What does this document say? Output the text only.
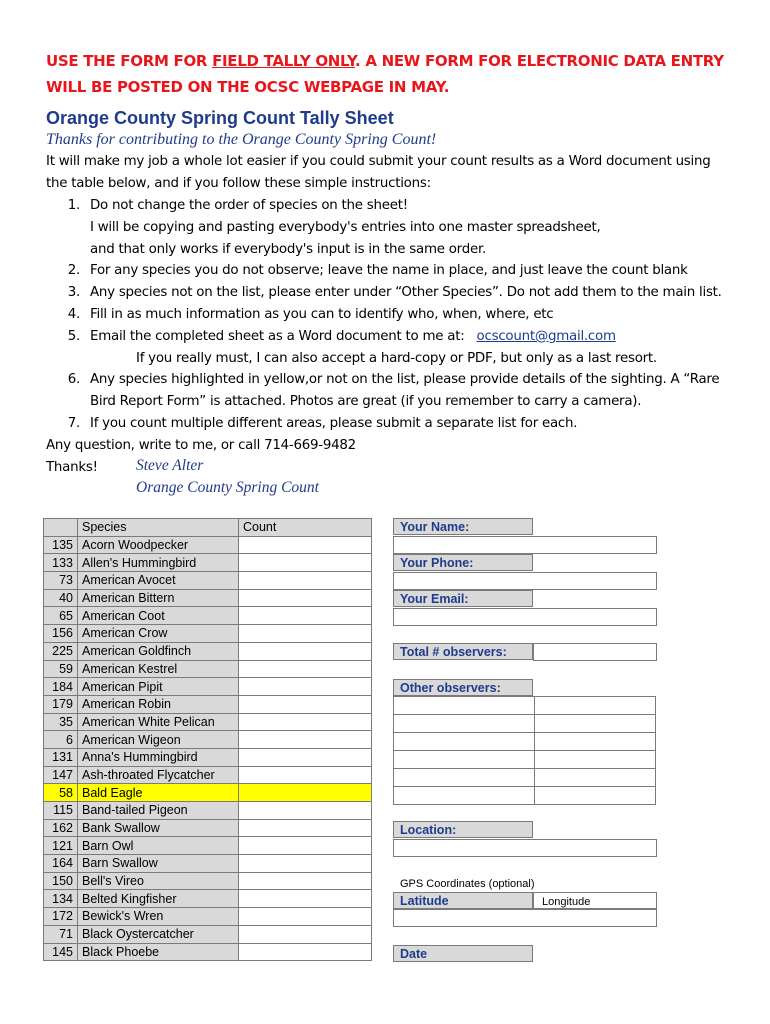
USE THE FORM FOR FIELD TALLY ONLY. A NEW FORM FOR ELECTRONIC DATA ENTRY WILL BE POSTED ON THE OCSC WEBPAGE IN MAY.
Orange County Spring Count Tally Sheet
Thanks for contributing to the Orange County Spring Count!
It will make my job a whole lot easier if you could submit your count results as a Word document using the table below, and if you follow these simple instructions:
1. Do not change the order of species on the sheet!
I will be copying and pasting everybody's entries into one master spreadsheet,
and that only works if everybody's input is in the same order.
2. For any species you do not observe; leave the name in place, and just leave the count blank
3. Any species not on the list, please enter under “Other Species”. Do not add them to the main list.
4. Fill in as much information as you can to identify who, when, where, etc
5. Email the completed sheet as a Word document to me at: ocscount@gmail.com
If you really must, I can also accept a hard-copy or PDF, but only as a last resort.
6. Any species highlighted in yellow,or not on the list, please provide details of the sighting. A “Rare
Bird Report Form” is attached. Photos are great (if you remember to carry a camera).
7. If you count multiple different areas, please submit a separate list for each.
Any question, write to me, or call 714-669-9482
Thanks! Steve Alter
Orange County Spring Count
	Species	Count
135	Acorn Woodpecker	
133	Allen's Hummingbird	
73	American Avocet	
40	American Bittern	
65	American Coot	
156	American Crow	
225	American Goldfinch	
59	American Kestrel	
184	American Pipit	
179	American Robin	
35	American White Pelican	
6	American Wigeon	
131	Anna's Hummingbird	
147	Ash-throated Flycatcher	
58	Bald Eagle	
115	Band-tailed Pigeon	
162	Bank Swallow	
121	Barn Owl	
164	Barn Swallow	
150	Bell's Vireo	
134	Belted Kingfisher	
172	Bewick's Wren	
71	Black Oystercatcher	
145	Black Phoebe	
Your Name:
Your Phone:
Your Email:
Total # observers:
Other observers:

Location:
GPS Coordinates (optional)
Latitude	Longitude
Date
